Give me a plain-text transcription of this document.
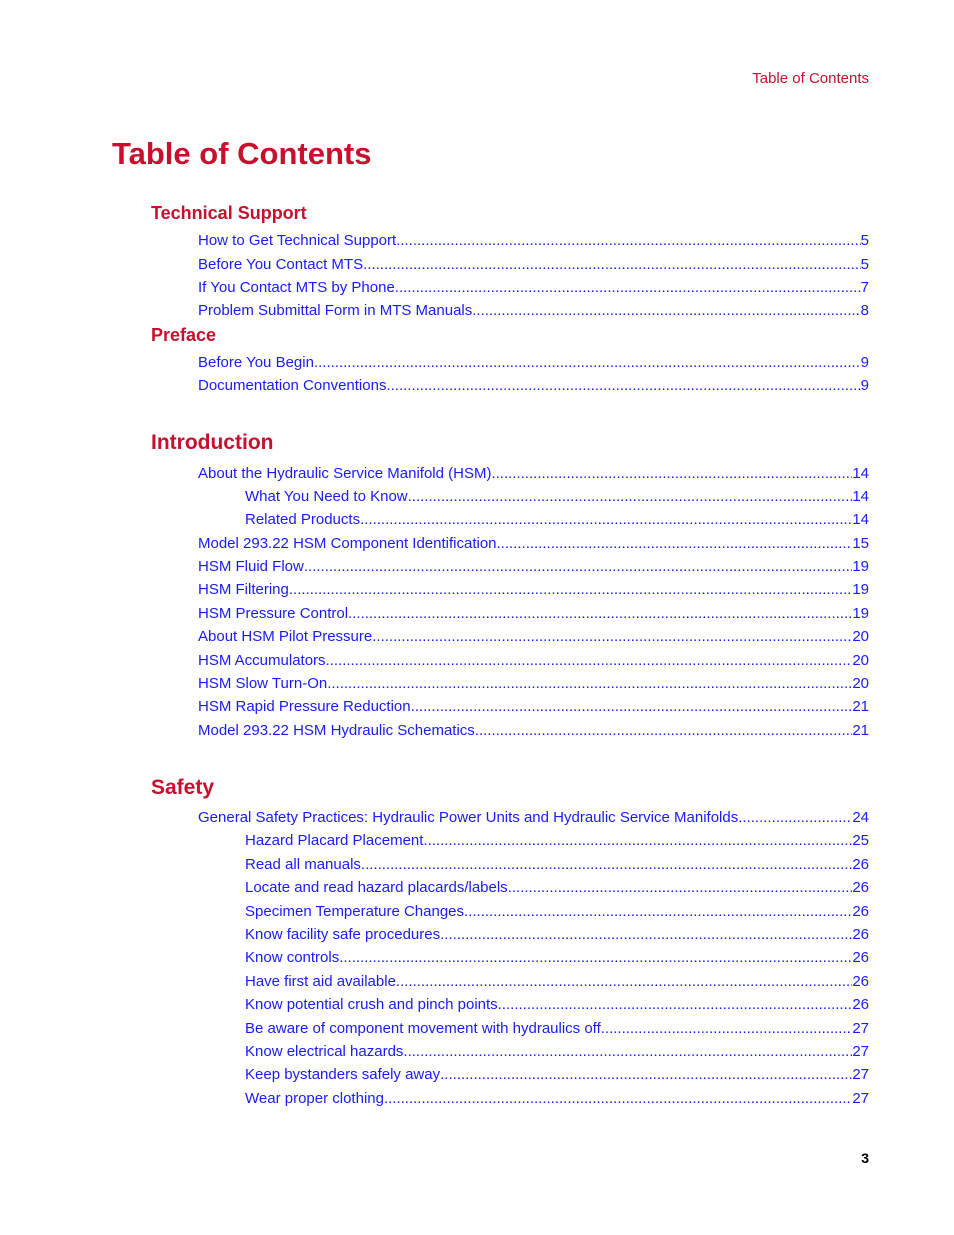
Table of Contents
Table of Contents
Technical Support
How to Get Technical Support .....	5
Before You Contact MTS .....	5
If You Contact MTS by Phone .....	7
Problem Submittal Form in MTS Manuals .....	8
Preface
Before You Begin .....	9
Documentation Conventions .....	9
Introduction
About the Hydraulic Service Manifold (HSM) .....	14
What You Need to Know .....	14
Related Products .....	14
Model 293.22 HSM Component Identification .....	15
HSM Fluid Flow .....	19
HSM Filtering .....	19
HSM Pressure Control .....	19
About HSM Pilot Pressure .....	20
HSM Accumulators .....	20
HSM Slow Turn-On .....	20
HSM Rapid Pressure Reduction .....	21
Model 293.22 HSM Hydraulic Schematics .....	21
Safety
General Safety Practices: Hydraulic Power Units and Hydraulic Service Manifolds .....	24
Hazard Placard Placement .....	25
Read all manuals .....	26
Locate and read hazard placards/labels .....	26
Specimen Temperature Changes .....	26
Know facility safe procedures .....	26
Know controls .....	26
Have first aid available .....	26
Know potential crush and pinch points .....	26
Be aware of component movement with hydraulics off .....	27
Know electrical hazards .....	27
Keep bystanders safely away .....	27
Wear proper clothing .....	27
3
